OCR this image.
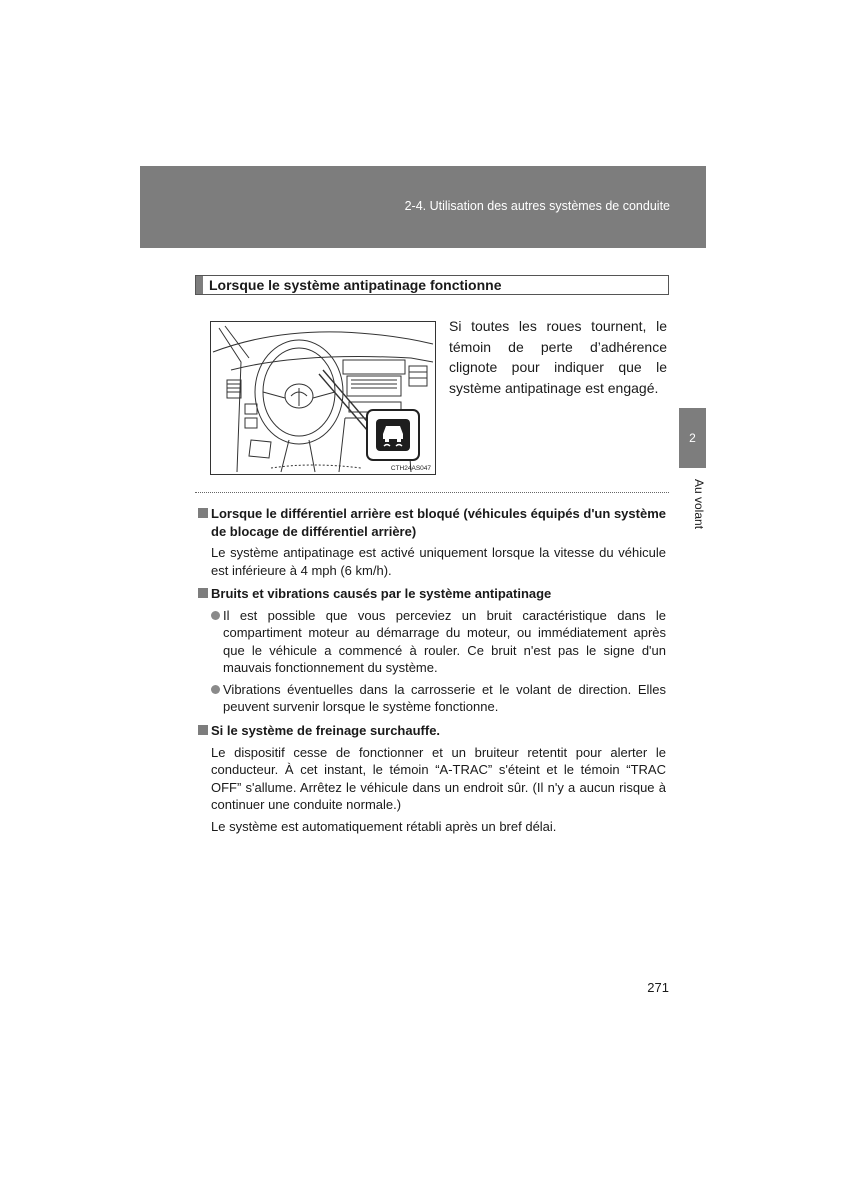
2-4. Utilisation des autres systèmes de conduite
2
Au volant
Lorsque le système antipatinage fonctionne
CTH24AS047
Si toutes les roues tournent, le témoin de perte d’adhérence clignote pour indiquer que le système antipatinage est engagé.
Lorsque le différentiel arrière est bloqué (véhicules équipés d'un système de blocage de différentiel arrière)
Le système antipatinage est activé uniquement lorsque la vitesse du véhicule est inférieure à 4 mph (6 km/h).
Bruits et vibrations causés par le système antipatinage
Il est possible que vous perceviez un bruit caractéristique dans le compartiment moteur au démarrage du moteur, ou immédiatement après que le véhicule a commencé à rouler. Ce bruit n'est pas le signe d'un mauvais fonctionnement du système.
Vibrations éventuelles dans la carrosserie et le volant de direction. Elles peuvent survenir lorsque le système fonctionne.
Si le système de freinage surchauffe.
Le dispositif cesse de fonctionner et un bruiteur retentit pour alerter le conducteur. À cet instant, le témoin “A-TRAC” s'éteint et le témoin “TRAC OFF” s'allume. Arrêtez le véhicule dans un endroit sûr. (Il n'y a aucun risque à continuer une conduite normale.)
Le système est automatiquement rétabli après un bref délai.
271
